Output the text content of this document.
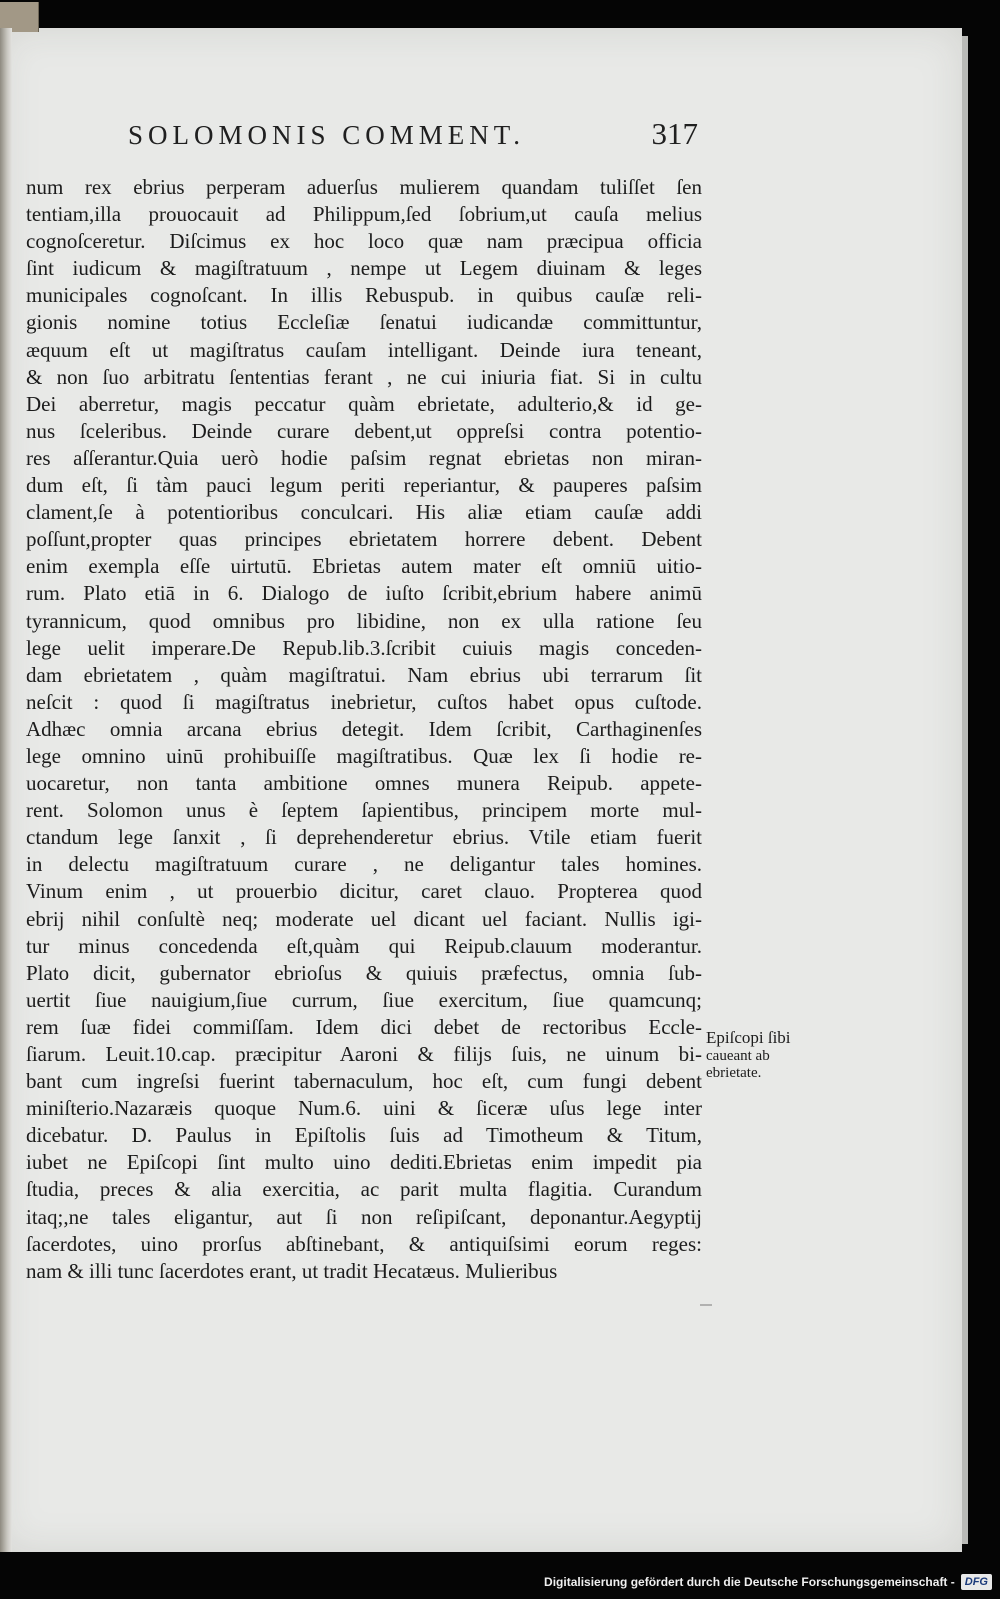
SOLOMONIS COMMENT.	317
num rex ebrius perperam aduerſus mulierem quandam tuliſſet ſen
tentiam,illa prouocauit ad Philippum,ſed ſobrium,ut cauſa melius
cognoſceretur. Diſcimus ex hoc loco quæ nam præcipua officia
ſint iudicum & magiſtratuum , nempe ut Legem diuinam & leges
municipales cognoſcant. In illis Rebuspub. in quibus cauſæ reli-
gionis nomine totius Eccleſiæ ſenatui iudicandæ committuntur,
æquum eſt ut magiſtratus cauſam intelligant. Deinde iura teneant,
& non ſuo arbitratu ſententias ferant , ne cui iniuria fiat. Si in cultu
Dei aberretur, magis peccatur quàm ebrietate, adulterio,& id ge-
nus ſceleribus. Deinde curare debent,ut oppreſsi contra potentio-
res aſſerantur.Quia uerò hodie paſsim regnat ebrietas non miran-
dum eſt, ſi tàm pauci legum periti reperiantur, & pauperes paſsim
clament,ſe à potentioribus conculcari. His aliæ etiam cauſæ addi
poſſunt,propter quas principes ebrietatem horrere debent. Debent
enim exempla eſſe uirtutū. Ebrietas autem mater eſt omniū uitio-
rum. Plato etiā in 6. Dialogo de iuſto ſcribit,ebrium habere animū
tyrannicum, quod omnibus pro libidine, non ex ulla ratione ſeu
lege uelit imperare.De Repub.lib.3.ſcribit cuiuis magis conceden-
dam ebrietatem , quàm magiſtratui. Nam ebrius ubi terrarum ſit
neſcit : quod ſi magiſtratus inebrietur, cuſtos habet opus cuſtode.
Adhæc omnia arcana ebrius detegit. Idem ſcribit, Carthaginenſes
lege omnino uinū prohibuiſſe magiſtratibus. Quæ lex ſi hodie re-
uocaretur, non tanta ambitione omnes munera Reipub. appete-
rent. Solomon unus è ſeptem ſapientibus, principem morte mul-
ctandum lege ſanxit , ſi deprehenderetur ebrius. Vtile etiam fuerit
in delectu magiſtratuum curare , ne deligantur tales homines.
Vinum enim , ut prouerbio dicitur, caret clauo. Propterea quod
ebrij nihil conſultè neq; moderate uel dicant uel faciant. Nullis igi-
tur minus concedenda eſt,quàm qui Reipub.clauum moderantur.
Plato dicit, gubernator ebrioſus & quiuis præfectus, omnia ſub-
uertit ſiue nauigium,ſiue currum, ſiue exercitum, ſiue quamcunq;
rem ſuæ fidei commiſſam. Idem dici debet de rectoribus Eccle-
ſiarum. Leuit.10.cap. præcipitur Aaroni & filijs ſuis, ne uinum bi-
bant cum ingreſsi fuerint tabernaculum, hoc eſt, cum fungi debent
miniſterio.Nazaræis quoque Num.6. uini & ſiceræ uſus lege inter
dicebatur. D. Paulus in Epiſtolis ſuis ad Timotheum & Titum,
iubet ne Epiſcopi ſint multo uino dediti.Ebrietas enim impedit pia
ſtudia, preces & alia exercitia, ac parit multa flagitia. Curandum
itaq;,ne tales eligantur, aut ſi non reſipiſcant, deponantur.Aegyptij
ſacerdotes, uino prorſus abſtinebant, & antiquiſsimi eorum reges:
nam & illi tunc ſacerdotes erant, ut tradit Hecatæus. Mulieribus
Epiſcopi ſibi
caueant ab
ebrietate.
Digitalisierung gefördert durch die Deutsche Forschungsgemeinschaft - DFG
